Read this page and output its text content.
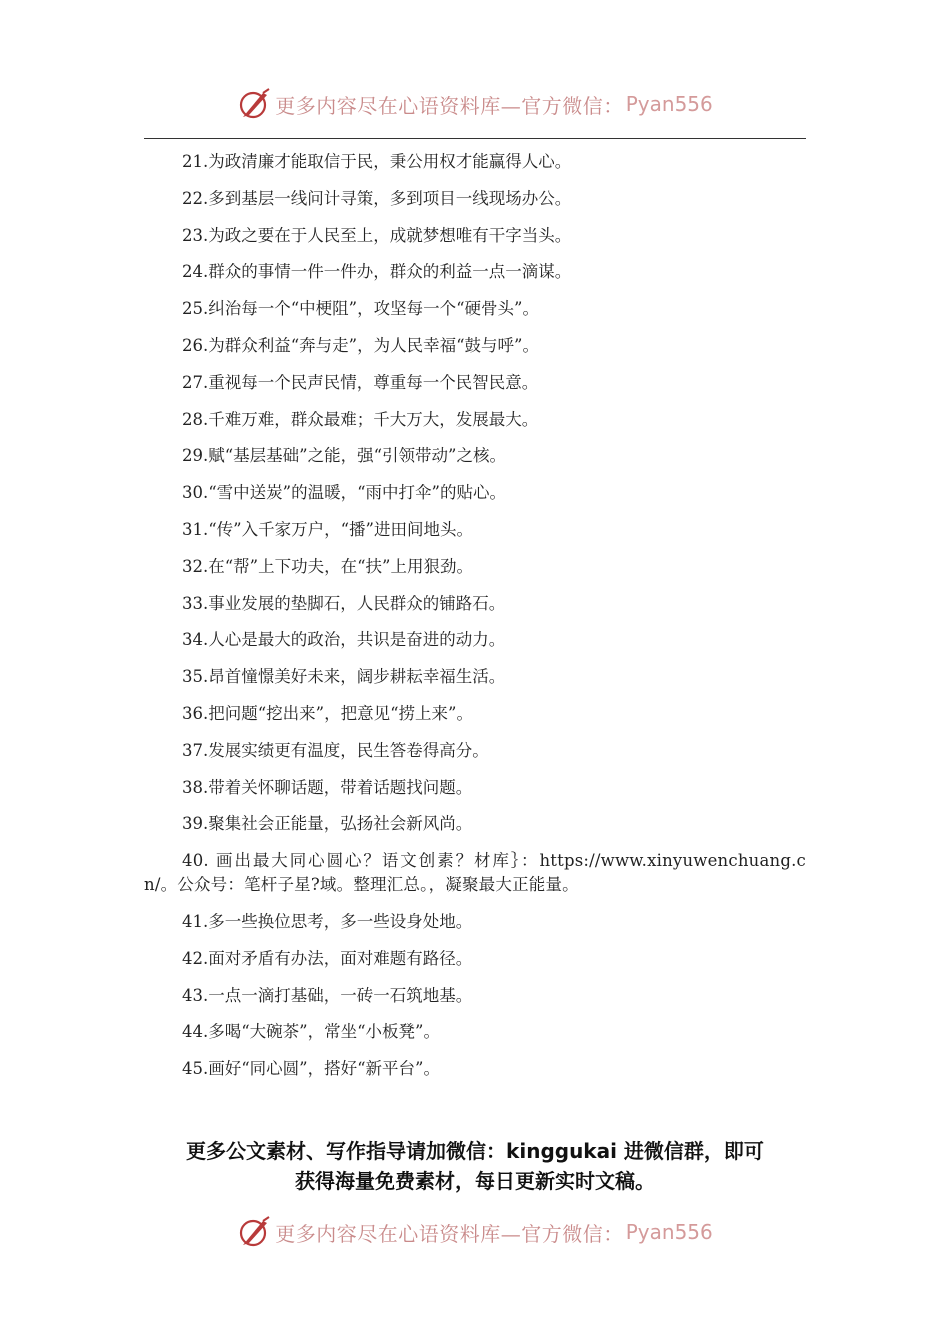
更多内容尽在心语资料库—官方微信： Pyan556
21.为政清廉才能取信于民，秉公用权才能赢得人心。
22.多到基层一线问计寻策，多到项目一线现场办公。
23.为政之要在于人民至上，成就梦想唯有干字当头。
24.群众的事情一件一件办，群众的利益一点一滴谋。
25.纠治每一个“中梗阻”，攻坚每一个“硬骨头”。
26.为群众利益“奔与走”，为人民幸福“鼓与呼”。
27.重视每一个民声民情，尊重每一个民智民意。
28.千难万难，群众最难；千大万大，发展最大。
29.赋“基层基础”之能，强“引领带动”之核。
30.“雪中送炭”的温暖，“雨中打伞”的贴心。
31.“传”入千家万户，“播”进田间地头。
32.在“帮”上下功夫，在“扶”上用狠劲。
33.事业发展的垫脚石，人民群众的铺路石。
34.人心是最大的政治，共识是奋进的动力。
35.昂首憧憬美好未来，阔步耕耘幸福生活。
36.把问题“挖出来”，把意见“捞上来”。
37.发展实绩更有温度，民生答卷得高分。
38.带着关怀聊话题，带着话题找问题。
39.聚集社会正能量，弘扬社会新风尚。
40. 画出最大同心圆心？语文创素？材库｝：https://www.xinyuwenchuang.cn/。公众号：笔杆子星?域。整理汇总。，凝聚最大正能量。
41.多一些换位思考，多一些设身处地。
42.面对矛盾有办法，面对难题有路径。
43.一点一滴打基础，一砖一石筑地基。
44.多喝“大碗茶”，常坐“小板凳”。
45.画好“同心圆”，搭好“新平台”。
更多公文素材、写作指导请加微信：kinggukai 进微信群，即可
获得海量免费素材，每日更新实时文稿。
更多内容尽在心语资料库—官方微信： Pyan556
